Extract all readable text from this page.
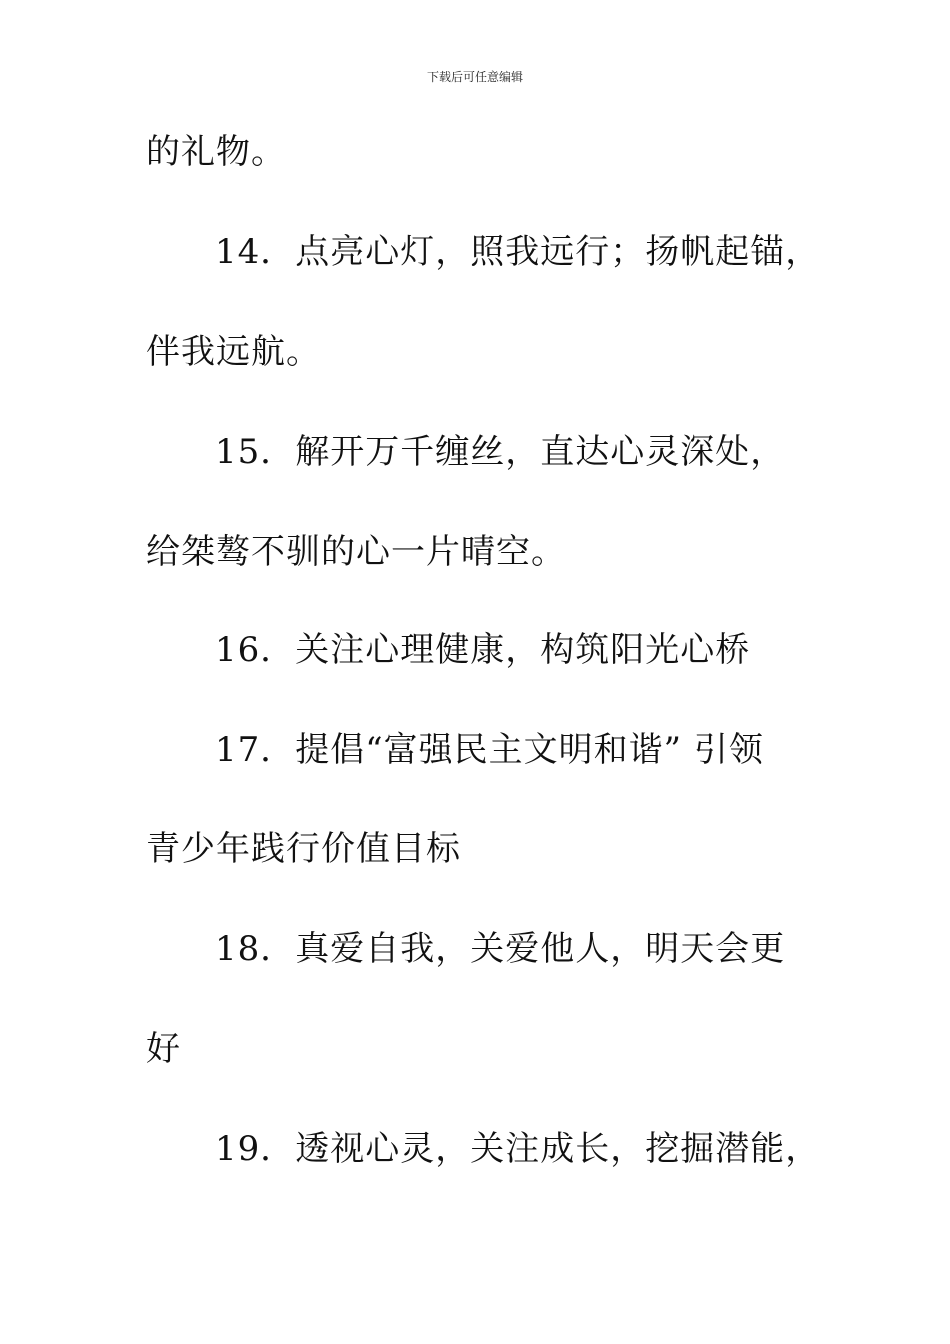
下载后可任意编辑
的礼物。
14．点亮心灯，照我远行；扬帆起锚，
伴我远航。
15．解开万千缠丝，直达心灵深处，
给桀骜不驯的心一片晴空。
16．关注心理健康，构筑阳光心桥
17．提倡“富强民主文明和谐” 引领
青少年践行价值目标
18．真爱自我，关爱他人，明天会更
好
19．透视心灵，关注成长，挖掘潜能，
